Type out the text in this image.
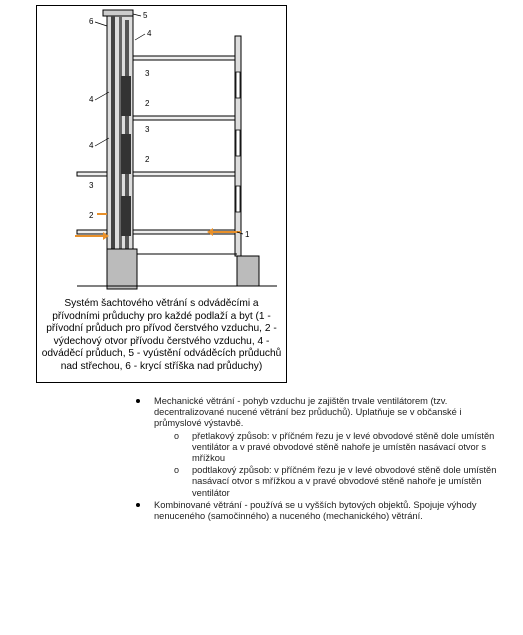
6
5
4
3
4	2
3
4
2
3
2
1
Systém šachtového větrání s odváděcími a přívodními průduchy pro každé podlaží a byt (1 - přívodní průduch pro přívod čerstvého vzduchu, 2 - výdechový otvor přívodu čerstvého vzduchu, 4 - odváděcí průduch, 5 - vyústění odváděcích průduchů nad střechou, 6 - krycí stříška nad průduchy)
Mechanické větrání - pohyb vzduchu je zajištěn trvale ventilátorem (tzv. decentralizované nucené větrání bez průduchů). Uplatňuje se v občanské i průmyslové výstavbě.
o přetlakový způsob: v příčném řezu je v levé obvodové stěně dole umístěn ventilátor a v pravé obvodové stěně nahoře je umístěn nasávací otvor s mřížkou
o podtlakový způsob: v příčném řezu je v levé obvodové stěně dole umístěn nasávací otvor s mřížkou a v pravé obvodové stěně nahoře je umístěn ventilátor
Kombinované větrání - používá se u vyšších bytových objektů. Spojuje výhody nenuceného (samočinného) a nuceného (mechanického) větrání.
